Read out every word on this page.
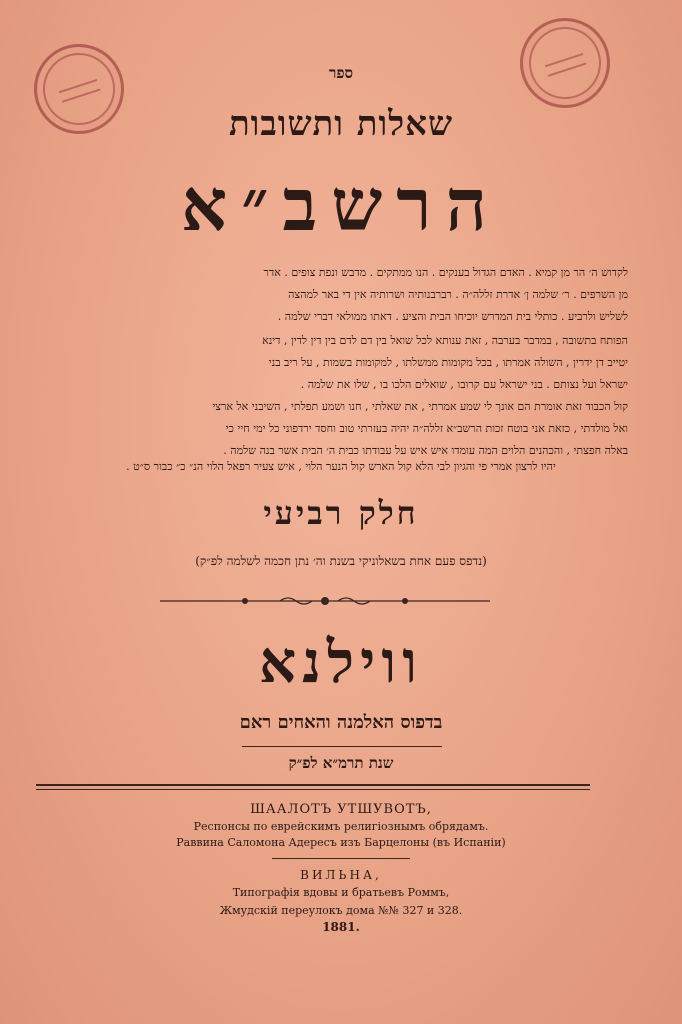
ספר
שאלות ותשובות
הרשב״א
לקדוש ה׳ הר מן קמיא . האדם הגדול בענקים . הנו ממתקים . מדבש ונפת צופים . אדר
מן השרפים . ר׳ שלמה ן׳ אדרת זללה״ה . רברבנותיה ושרותיה אין די באר למהצה
לשליש ולרביע . כותלי בית המדרש יוכיחו הבית והציע . דאתו ממולאי דברי שלמה .
הפותח בתשובה , במדבר בערבה , זאת ענותא לכל שואל בין דם לדם בין דין לדין , דינא
יטייב דן ידרין , השולה אמרתו , בכל מקומות ממשלתו , למקומות בשמות , על ריב בני
ישראל ועל נצותם . בני ישראל עם קרובו , שואלים הלכו בו , שלו את שלמה .
קול הכבוד זאת אומרת הם אונך לי שמע אמרתי , את שאלתי , חנו ושמע תפלתי , השיבני אל ארצי
ואל מולדתי , כזאת אני בוטח זכות הרשב״א זללה״ה יהיה בעזרתי טוב וחסד ירדפוני כל ימי חיי כי
באלה חפצתי , והכהנים הלוים המה עומדו איש איש על עבודתו כבית ה׳ הבית אשר בנה שלמה .
יהיו לרצון אמרי פי והגיון לבי הלא קול הארש קול הנער הלוי , איש צעיר רפאל הלוי הנ״ כ״ כבור ס״ט .
חלק רביעי
(נדפס פעם אחת בשאלוניקי בשנת וה׳ נתן חכמה לשלמה לפ״ק)
ווילנא
בדפוס האלמנה והאחים ראם
שנת תרמ״א לפ״ק
ШААЛОТЪ УТШУВОТЪ,
Респонсы по еврейскимъ религіознымъ обрядамъ.
Раввина Саломона Адересъ изъ Барцелоны (въ Испаніи)
ВИЛЬНА,
Типографія вдовы и братьевъ Роммъ,
Жмудскій переулокъ дома №№ 327 и 328.
1881.
